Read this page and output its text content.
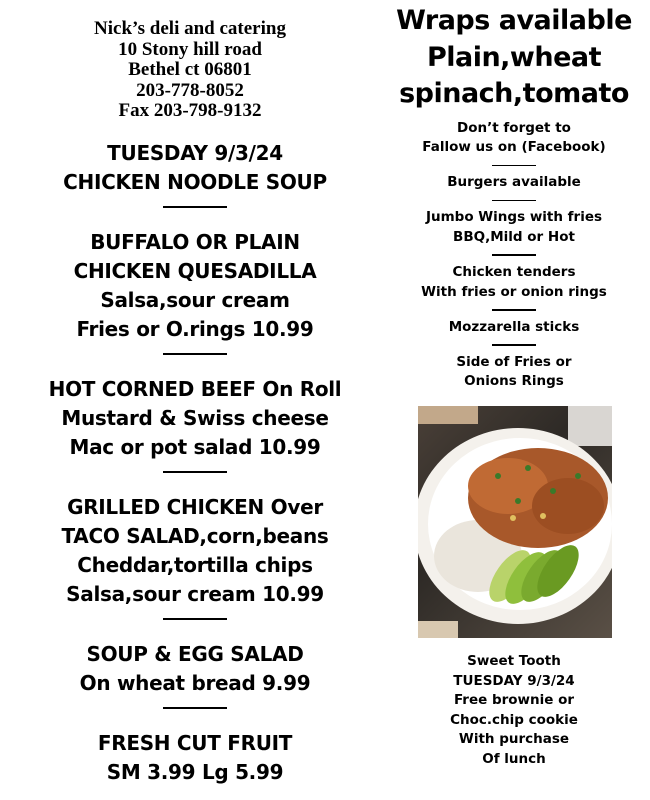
Nick’s deli and catering
10 Stony hill road
Bethel ct 06801
203-778-8052
Fax 203-798-9132
TUESDAY 9/3/24
CHICKEN NOODLE SOUP
BUFFALO OR PLAIN
CHICKEN QUESADILLA
Salsa,sour cream
Fries or O.rings 10.99
HOT CORNED BEEF On Roll
Mustard & Swiss cheese
Mac or pot salad 10.99
GRILLED CHICKEN Over
TACO SALAD,corn,beans
Cheddar,tortilla chips
Salsa,sour cream 10.99
SOUP & EGG SALAD
On wheat bread 9.99
FRESH CUT FRUIT
SM 3.99 Lg 5.99
Wraps available
Plain,wheat
spinach,tomato
Don’t forget to
Fallow us on (Facebook)
Burgers available
Jumbo Wings with fries
BBQ,Mild or Hot
Chicken tenders
With fries or onion rings
Mozzarella sticks
Side of Fries or
Onions Rings
Sweet Tooth
TUESDAY 9/3/24
Free brownie or
Choc.chip cookie
With purchase
Of lunch
